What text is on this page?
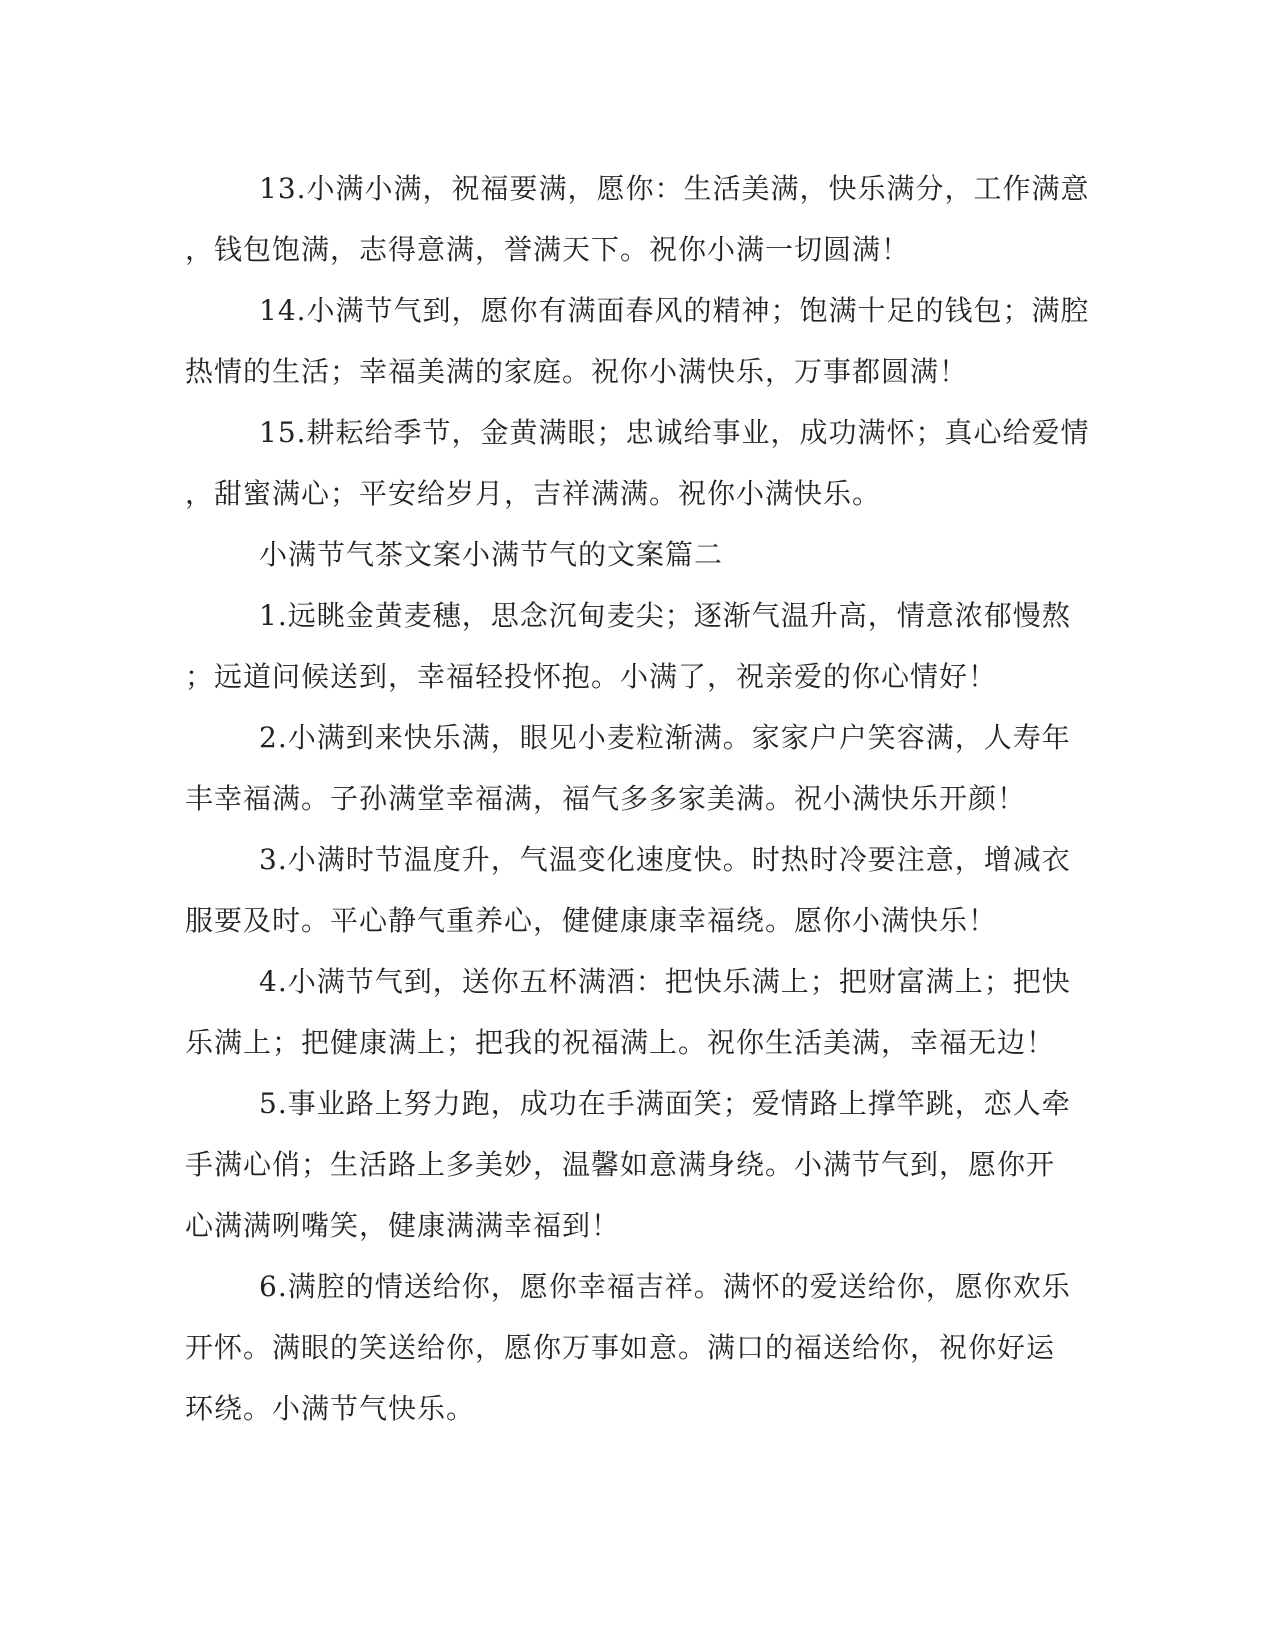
13.小满小满，祝福要满，愿你：生活美满，快乐满分，工作满意
，钱包饱满，志得意满，誉满天下。祝你小满一切圆满！
14.小满节气到，愿你有满面春风的精神；饱满十足的钱包；满腔
热情的生活；幸福美满的家庭。祝你小满快乐，万事都圆满！
15.耕耘给季节，金黄满眼；忠诚给事业，成功满怀；真心给爱情
，甜蜜满心；平安给岁月，吉祥满满。祝你小满快乐。
小满节气茶文案小满节气的文案篇二
1.远眺金黄麦穗，思念沉甸麦尖；逐渐气温升高，情意浓郁慢熬
；远道问候送到，幸福轻投怀抱。小满了，祝亲爱的你心情好！
2.小满到来快乐满，眼见小麦粒渐满。家家户户笑容满，人寿年
丰幸福满。子孙满堂幸福满，福气多多家美满。祝小满快乐开颜！
3.小满时节温度升，气温变化速度快。时热时冷要注意，增减衣
服要及时。平心静气重养心，健健康康幸福绕。愿你小满快乐！
4.小满节气到，送你五杯满酒：把快乐满上；把财富满上；把快
乐满上；把健康满上；把我的祝福满上。祝你生活美满，幸福无边！
5.事业路上努力跑，成功在手满面笑；爱情路上撑竿跳，恋人牵
手满心俏；生活路上多美妙，温馨如意满身绕。小满节气到，愿你开
心满满咧嘴笑，健康满满幸福到！
6.满腔的情送给你，愿你幸福吉祥。满怀的爱送给你，愿你欢乐
开怀。满眼的笑送给你，愿你万事如意。满口的福送给你，祝你好运
环绕。小满节气快乐。
